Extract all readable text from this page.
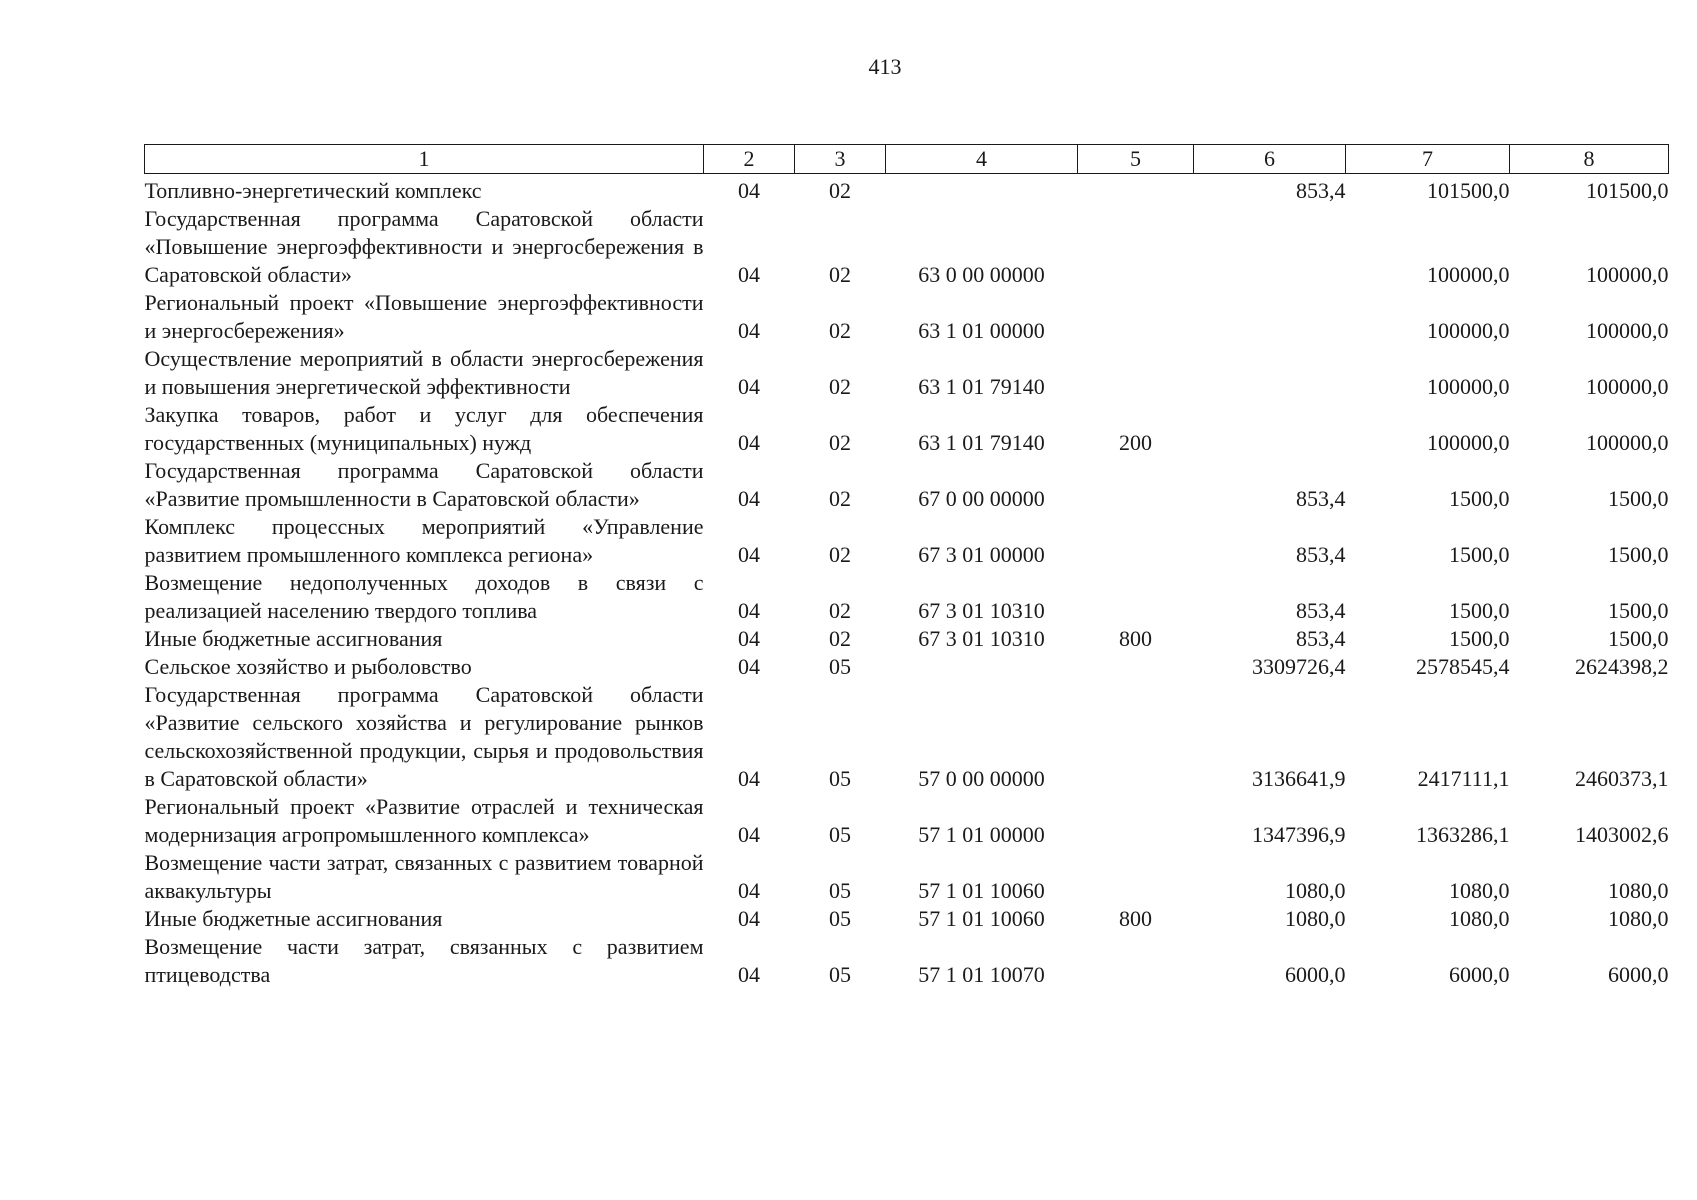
413
1	2	3	4	5	6	7	8
Топливно-энергетический комплекс	04	02			853,4	101500,0	101500,0
Государственная программа Саратовской области «Повышение энергоэффективности и энергосбережения в Саратовской области»	04	02	63 0 00 00000			100000,0	100000,0
Региональный проект «Повышение энергоэффективности и энергосбережения»	04	02	63 1 01 00000			100000,0	100000,0
Осуществление мероприятий в области энергосбережения и повышения энергетической эффективности	04	02	63 1 01 79140			100000,0	100000,0
Закупка товаров, работ и услуг для обеспечения государственных (муниципальных) нужд	04	02	63 1 01 79140	200		100000,0	100000,0
Государственная программа Саратовской области «Развитие промышленности в Саратовской области»	04	02	67 0 00 00000		853,4	1500,0	1500,0
Комплекс процессных мероприятий «Управление развитием промышленного комплекса региона»	04	02	67 3 01 00000		853,4	1500,0	1500,0
Возмещение недополученных доходов в связи с реализацией населению твердого топлива	04	02	67 3 01 10310		853,4	1500,0	1500,0
Иные бюджетные ассигнования	04	02	67 3 01 10310	800	853,4	1500,0	1500,0
Сельское хозяйство и рыболовство	04	05			3309726,4	2578545,4	2624398,2
Государственная программа Саратовской области «Развитие сельского хозяйства и регулирование рынков сельскохозяйственной продукции, сырья и продовольствия в Саратовской области»	04	05	57 0 00 00000		3136641,9	2417111,1	2460373,1
Региональный проект «Развитие отраслей и техническая модернизация агропромышленного комплекса»	04	05	57 1 01 00000		1347396,9	1363286,1	1403002,6
Возмещение части затрат, связанных с развитием товарной аквакультуры	04	05	57 1 01 10060		1080,0	1080,0	1080,0
Иные бюджетные ассигнования	04	05	57 1 01 10060	800	1080,0	1080,0	1080,0
Возмещение части затрат, связанных с развитием птицеводства	04	05	57 1 01 10070		6000,0	6000,0	6000,0
